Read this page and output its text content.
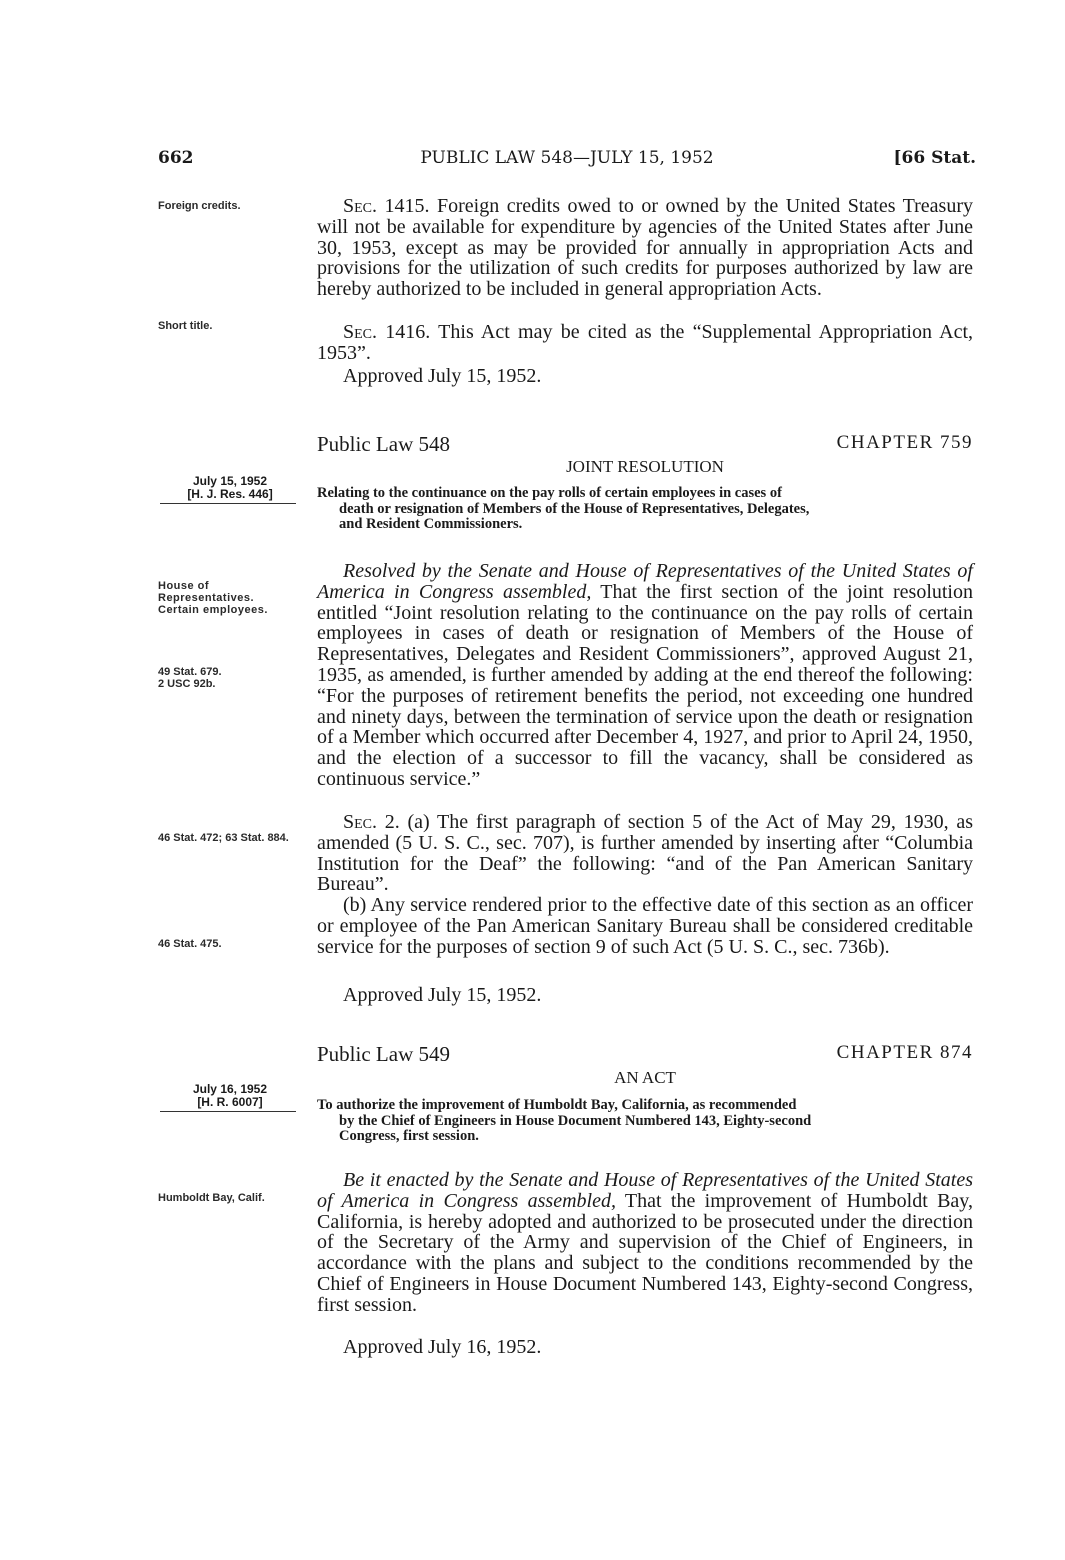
662	PUBLIC LAW 548—JULY 15, 1952	[66 Stat.
Foreign credits.	Sec. 1415. Foreign credits owed to or owned by the United States Treasury will not be available for expenditure by agencies of the United States after June 30, 1953, except as may be provided for annually in appropriation Acts and provisions for the utilization of such credits for purposes authorized by law are hereby authorized to be included in general appropriation Acts.

Short title.	Sec. 1416. This Act may be cited as the “Supplemental Appropriation Act, 1953”.

Approved July 15, 1952.
Public Law 548	CHAPTER 759
JOINT RESOLUTION
July 15, 1952
[H. J. Res. 446]	Relating to the continuance on the pay rolls of certain employees in cases of
death or resignation of Members of the House of Representatives, Delegates,
and Resident Commissioners.

House of Representatives.
Certain employees.
49 Stat. 679.
2 USC 92b.

Resolved by the Senate and House of Representatives of the United States of America in Congress assembled, That the first section of the joint resolution entitled “Joint resolution relating to the continuance on the pay rolls of certain employees in cases of death or resignation of Members of the House of Representatives, Delegates and Resident Commissioners”, approved August 21, 1935, as amended, is further amended by adding at the end thereof the following: “For the purposes of retirement benefits the period, not exceeding one hundred and ninety days, between the termination of service upon the death or resignation of a Member which occurred after December 4, 1927, and prior to April 24, 1950, and the election of a successor to fill the vacancy, shall be considered as continuous service.”

46 Stat. 472; 63 Stat. 884.

Sec. 2. (a) The first paragraph of section 5 of the Act of May 29, 1930, as amended (5 U. S. C., sec. 707), is further amended by inserting after “Columbia Institution for the Deaf” the following: “and of the Pan American Sanitary Bureau”.

(b) Any service rendered prior to the effective date of this section as an officer or employee of the Pan American Sanitary Bureau shall be considered creditable service for the purposes of section 9 of such Act (5 U. S. C., sec. 736b).

46 Stat. 475.
Approved July 15, 1952.
Public Law 549	CHAPTER 874
AN ACT
July 16, 1952
[H. R. 6007]	To authorize the improvement of Humboldt Bay, California, as recommended
by the Chief of Engineers in House Document Numbered 143, Eighty-second
Congress, first session.

Humboldt Bay, Calif.

Be it enacted by the Senate and House of Representatives of the United States of America in Congress assembled, That the improvement of Humboldt Bay, California, is hereby adopted and authorized to be prosecuted under the direction of the Secretary of the Army and supervision of the Chief of Engineers, in accordance with the plans and subject to the conditions recommended by the Chief of Engineers in House Document Numbered 143, Eighty-second Congress, first session.

Approved July 16, 1952.
